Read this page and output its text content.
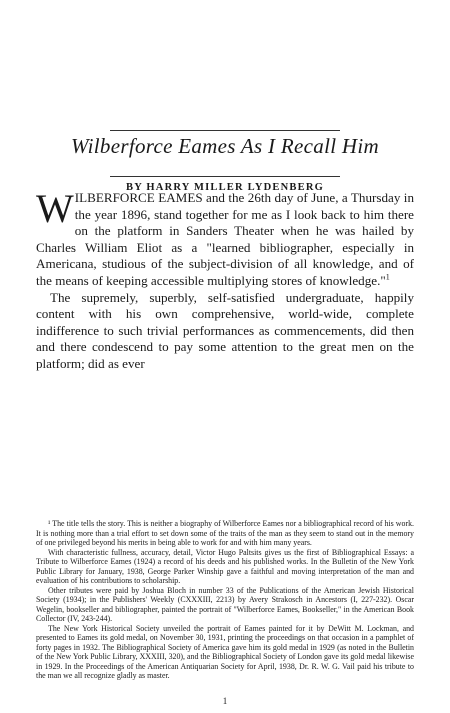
Wilberforce Eames As I Recall Him
BY HARRY MILLER LYDENBERG

WILBERFORCE EAMES and the 26th day of June, a Thursday in the year 1896, stand together for me as I look back to him there on the platform in Sanders Theater when he was hailed by Charles William Eliot as a "learned bibliographer, especially in Americana, studious of the subject-division of all knowledge, and of the means of keeping accessible multiplying stores of knowledge."$^1$

The supremely, superbly, self-satisfied undergraduate, happily content with his own comprehensive, world-wide, complete indifference to such trivial performances as commencements, did then and there condescend to pay some attention to the great men on the platform; did as ever

¹ The title tells the story. This is neither a biography of Wilberforce Eames nor a bibliographical record of his work. It is nothing more than a trial effort to set down some of the traits of the man as they seem to stand out in the memory of one privileged beyond his merits in being able to work for and with him many years.

With characteristic fullness, accuracy, detail, Victor Hugo Paltsits gives us the first of Bibliographical Essays: a Tribute to Wilberforce Eames (1924) a record of his deeds and his published works. In the Bulletin of the New York Public Library for January, 1938, George Parker Winship gave a faithful and moving interpretation of the man and evaluation of his contributions to scholarship.

Other tributes were paid by Joshua Bloch in number 33 of the Publications of the American Jewish Historical Society (1934); in the Publishers' Weekly (CXXXIII, 2213) by Avery Strakosch in Ancestors (I, 227-232). Oscar Wegelin, bookseller and bibliographer, painted the portrait of "Wilberforce Eames, Bookseller," in the American Book Collector (IV, 243-244).

The New York Historical Society unveiled the portrait of Eames painted for it by DeWitt M. Lockman, and presented to Eames its gold medal, on November 30, 1931, printing the proceedings on that occasion in a pamphlet of forty pages in 1932. The Bibliographical Society of America gave him its gold medal in 1929 (as noted in the Bulletin of the New York Public Library, XXXIII, 320), and the Bibliographical Society of London gave its gold medal likewise in 1929. In the Proceedings of the American Antiquarian Society for April, 1938, Dr. R. W. G. Vail paid his tribute to the man we all recognize gladly as master.

1
